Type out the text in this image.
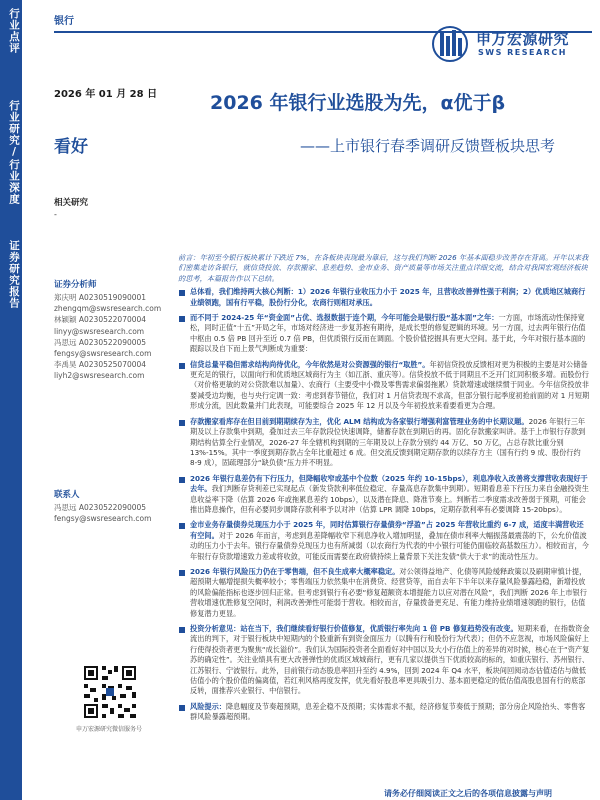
行业点评
行业研究/行业深度
证券研究报告
银行
申万宏源研究
SWS RESEARCH
2026 年 01 月 28 日
看好
2026 年银行业选股为先，α优于β
——上市银行春季调研反馈暨板块思考
相关研究
-
证券分析师
郑庆明 A0230519090001
zhengqm@swsresearch.com
林颖颖 A0230522070004
linyy@swsresearch.com
冯思远 A0230522090005
fengsy@swsresearch.com
李禹昊 A0230525070004
liyh2@swsresearch.com
联系人
冯思远 A0230522090005
fengsy@swsresearch.com
申万宏源研究微信服务号
前言：年初至今银行板块累计下跌近 7%，在各板块表现最为靠后，这与我们判断 2026 年基本面稳步改善存在背离。开年以来我们密集走访各银行，就信贷投放、存款搬家、息差趋势、金市业务、资产质量等市场关注重点详细交流，结合对我国宏观经济板块的思考，本篇报告作以下总结。
总体看，我们维持两大核心判断：1）2026 年银行业收压力小于 2025 年，且营收改善弹性强于利润；2）优质地区城商行业绩领跑，国有行平稳，股份行分化，农商行则相对承压。
而不同于 2024-25 年“资金面”占优、选报数据于连个期，今年可能会是银行股“基本面”之年：一方面，市场流动性保持宽松，同时正值“十五”开局之年，市场对经济进一步复苏抱有期待，是成长型的修复逻辑的环境。另一方面，过去两年银行估值中枢由 0.5 倍 PB 回升至近 0.7 倍 PB，但优质银行反而在调面。个股价值挖掘具有更大空间。基于此，今年对银行基本面的跟踪以及自下而上景气判断成为重要：
信贷总量平稳但需求结构尚待优化，今年依然是对公资源强的银行“取胜”。年初信贷投放反馈相对更为积极的主要是对公储备更充足的银行，以面向行和优质地区城商行为主（如江浙、重庆等）。信贷投放不低于同期且不乏开门红同积极多增。而股份行（对价格更敏的对公贷款难以加量）、农商行（主要受中小微及零售需求偏弱拖累）贷款增速或继续惯于同业。今年信贷投放非要减受边均衡，也与央行定调一致：考虑到春节错位，我们对 1 月信贷表现不求高，但部分银行起季度初抢前面的对 1 月短期形成分流，因此数量并门此表现，可能要综合 2025 年 12 月以及今年初投放来看要看更为合理。
存款搬家看库存在但目前到期期续存为主，优化 ALM 结构成为各家银行增强利富管理业务的中长期议题。2026 年银行三年期及以上存款集中到期，叠加过去三年存款段位快速调降，储蓄存款在到期后的再。固化存款搬家叫讲。基于上市银行存款到期结构估算全行业情况，2026-27 年全辖机构到期的三年期及以上存款分别约 44 万亿、50 万亿，占总存款比重分别 13%-15%。其中一季度到期存款占全年比重超过 6 成。但交流反馈到期定期存款的以续存方主（国有行约 9 成、股份行约 8-9 成），固疏理部分“缺负债”压力并不明显。
2026 年银行息差仍有下行压力，但降幅收窄或基中个位数（2025 年约 10-15bps），利息净收入改善将支撑营收表现好于去年。我们判断存贷利差已实现起点（新发贷款利率低位稳定、存量高息存款集中到期）。短期看息差下行压力来自金融投资生息收益率下降（估算 2026 年或拖累息差约 10bps），以及潜在降息、降准节奏上。判断若二季度需求改善弱于预期，可能会推出降息操作，但有必要同步调降存款利率予以对冲（估算 LPR 调降 10bps，定期存款利率有必要调降 15-20bps）。
金市业务存量债券兑现压力小于 2025 年，同时估算银行存量债券“浮盈”占 2025 年营收比重约 6-7 成，适度丰满营收还有空间。对于 2026 年而言，考虑到息差降幅收窄下利息净收入增加明显，叠加在债市利率大幅振荡最震荡的下，公允价值波动的压力小于去年。银行存量债券兑现压力也有所减弱（以农商行为代表的中小银行可能仍面临较高基数压力）。相较而言，今年银行存贷款增速致力差或将收敛，可能反而需要在政府债持续上量背景下关注发债“供大于求”的流动性压力。
2026 年银行风险压力仍在于零售端，但不良生成率大概率稳定。对公领得益地产、化债等风险缓释政策以及刷期审慎计提，超预期大幅增提损失概率较小；零售端压力依然集中在消费贷、经营贷等，而自去年下半年以来存量风险暴露趋稳，新增投放的风险偏能指标也逐步回归正常。但考虑到银行有必要“修复超额资本增提能力以应对潜在风险”，我们判断 2026 年上市银行营收增速优胜修复空间时，利润改善弹性可能弱于营收。相较而言，存量拨备更充足、有能力维持业绩增速领跑的银行，估值修复潜力更显。
投资分析意见：站在当下，我们继续看好银行价值修复，优质银行率先向 1 倍 PB 修复趋势没有改变。短期来看，在指数资金流出的判下，对于银行板块中短期内的个股重新有到资金面压力（以腾有行和股份行为代表）；但仍不应忽视，市场风险偏好上行使得投资者更为聚焦“成长溢价”。我们认为国际投资者全面看好对中国以及大小行估值上的差异的对时候，核心在于“资产复苏的确定性”。关注业绩具有更大改善弹性的优质区域城商行，更有几家以提供当下优质较高的标的，如重庆银行、苏州银行、江苏银行、宁波银行。此外，目前银行动态股息率回升至约 4.9%，回到 2024 年 Q4 水平，板块间回阅动态估值适估与做低估值小的个股价值的偏离值，若红利风格再度发挥，优先看好股息率更具吸引力、基本面更稳定的低估值高股息国有行的底部反转，面推荐兴业银行、中信银行。
风险提示：降息幅度及节奏超预期，息差企稳不及预期；实体需求不振，经济修复节奏低于预期；部分房企风险抬头、零售客群风险暴露超预期。
请务必仔细阅读正文之后的各项信息披露与声明
